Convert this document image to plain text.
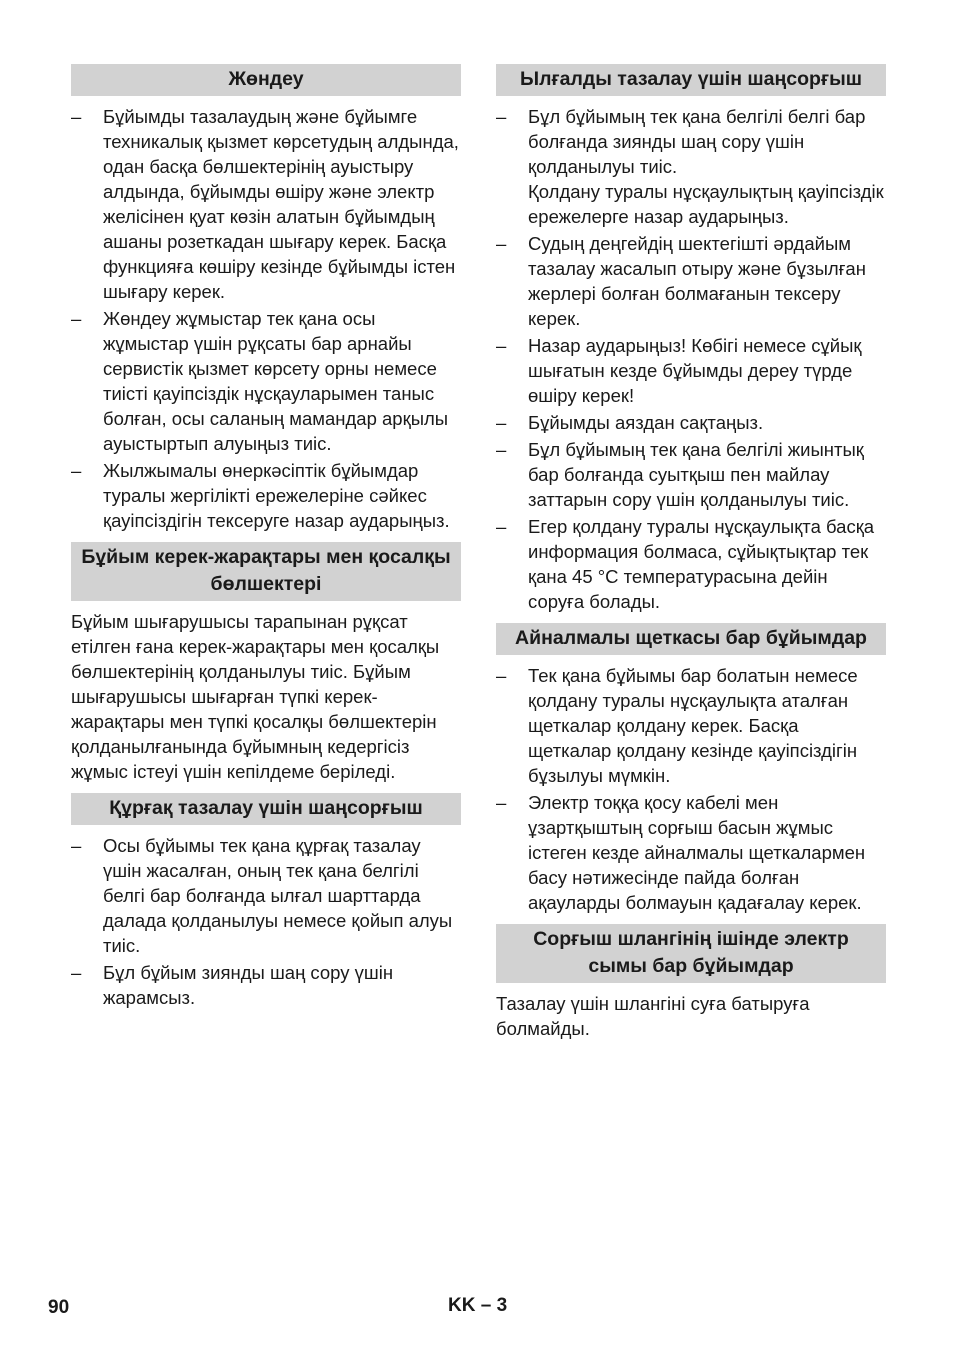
Жөндеу
– Бұйымды тазалаудың және бұйымге техникалық қызмет көрсетудың алдында, одан басқа бөлшектерінің ауыстыру алдында, бұйымды өшіру және электр желісінен қуат көзін алатын бұйымдың ашаны розеткадан шығару керек. Басқа функцияға көшіру кезінде бұйымды істен шығару керек.
– Жөндеу жұмыстар тек қана осы жұмыстар үшін рұқсаты бар арнайы сервистік қызмет көрсету орны немесе тиісті қауіпсіздік нұсқауларымен таныс болған, осы саланың мамандар арқылы ауыстыртып алуыңыз тиіс.
– Жылжымалы өнеркәсіптік бұйымдар туралы жергілікті ережелеріне сәйкес қауіпсіздігін тексеруге назар аударыңыз.
Бұйым керек-жарақтары мен қосалқы бөлшектері
Бұйым шығарушысы тарапынан рұқсат етілген ғана керек-жарақтары мен қосалқы бөлшектерінің қолданылуы тиіс. Бұйым шығарушысы шығарған түпкі керек-жарақтары мен түпкі қосалқы бөлшектерін қолданылғанында бұйымның кедергісіз жұмыс істеуі үшін кепілдеме беріледі.
Құрғақ тазалау үшін шаңсорғыш
– Осы бұйымы тек қана құрғақ тазалау үшін жасалған, оның тек қана белгілі белгі бар болғанда ылғал шарттарда далада қолданылуы немесе қойып алуы тиіс.
– Бұл бұйым зиянды шаң сору үшін жарамсыз.
Ылғалды тазалау үшін шаңсорғыш
– Бұл бұйымың тек қана белгілі белгі бар болғанда зиянды шаң сору үшін қолданылуы тиіс.
Қолдану туралы нұсқаулықтың қауіпсіздік ережелерге назар аударыңыз.
– Судың деңгейдің шектегішті әрдайым тазалау жасалып отыру және бұзылған жерлері болған болмағанын тексеру керек.
– Назар аударыңыз! Көбігі немесе сұйық шығатын кезде бұйымды дереу түрде өшіру керек!
– Бұйымды аяздан сақтаңыз.
– Бұл бұйымың тек қана белгілі жиынтық бар болғанда суытқыш пен майлау заттарын сору үшін қолданылуы тиіс.
– Егер қолдану туралы нұсқаулықта басқа информация болмаса, сұйықтықтар тек қана 45 °C температурасына дейін соруға болады.
Айналмалы щеткасы бар бұйымдар
– Тек қана бұйымы бар болатын немесе қолдану туралы нұсқаулықта аталған щеткалар қолдану керек. Басқа щеткалар қолдану кезінде қауіпсіздігін бұзылуы мүмкін.
– Электр тоққа қосу кабелі мен ұзартқыштың сорғыш басын жұмыс істеген кезде айналмалы щеткалармен басу нәтижесінде пайда болған ақауларды болмауын қадағалау керек.
Сорғыш шлангінің ішінде электр сымы бар бұйымдар
Тазалау үшін шлангіні суға батыруға болмайды.
90	KK – 3
